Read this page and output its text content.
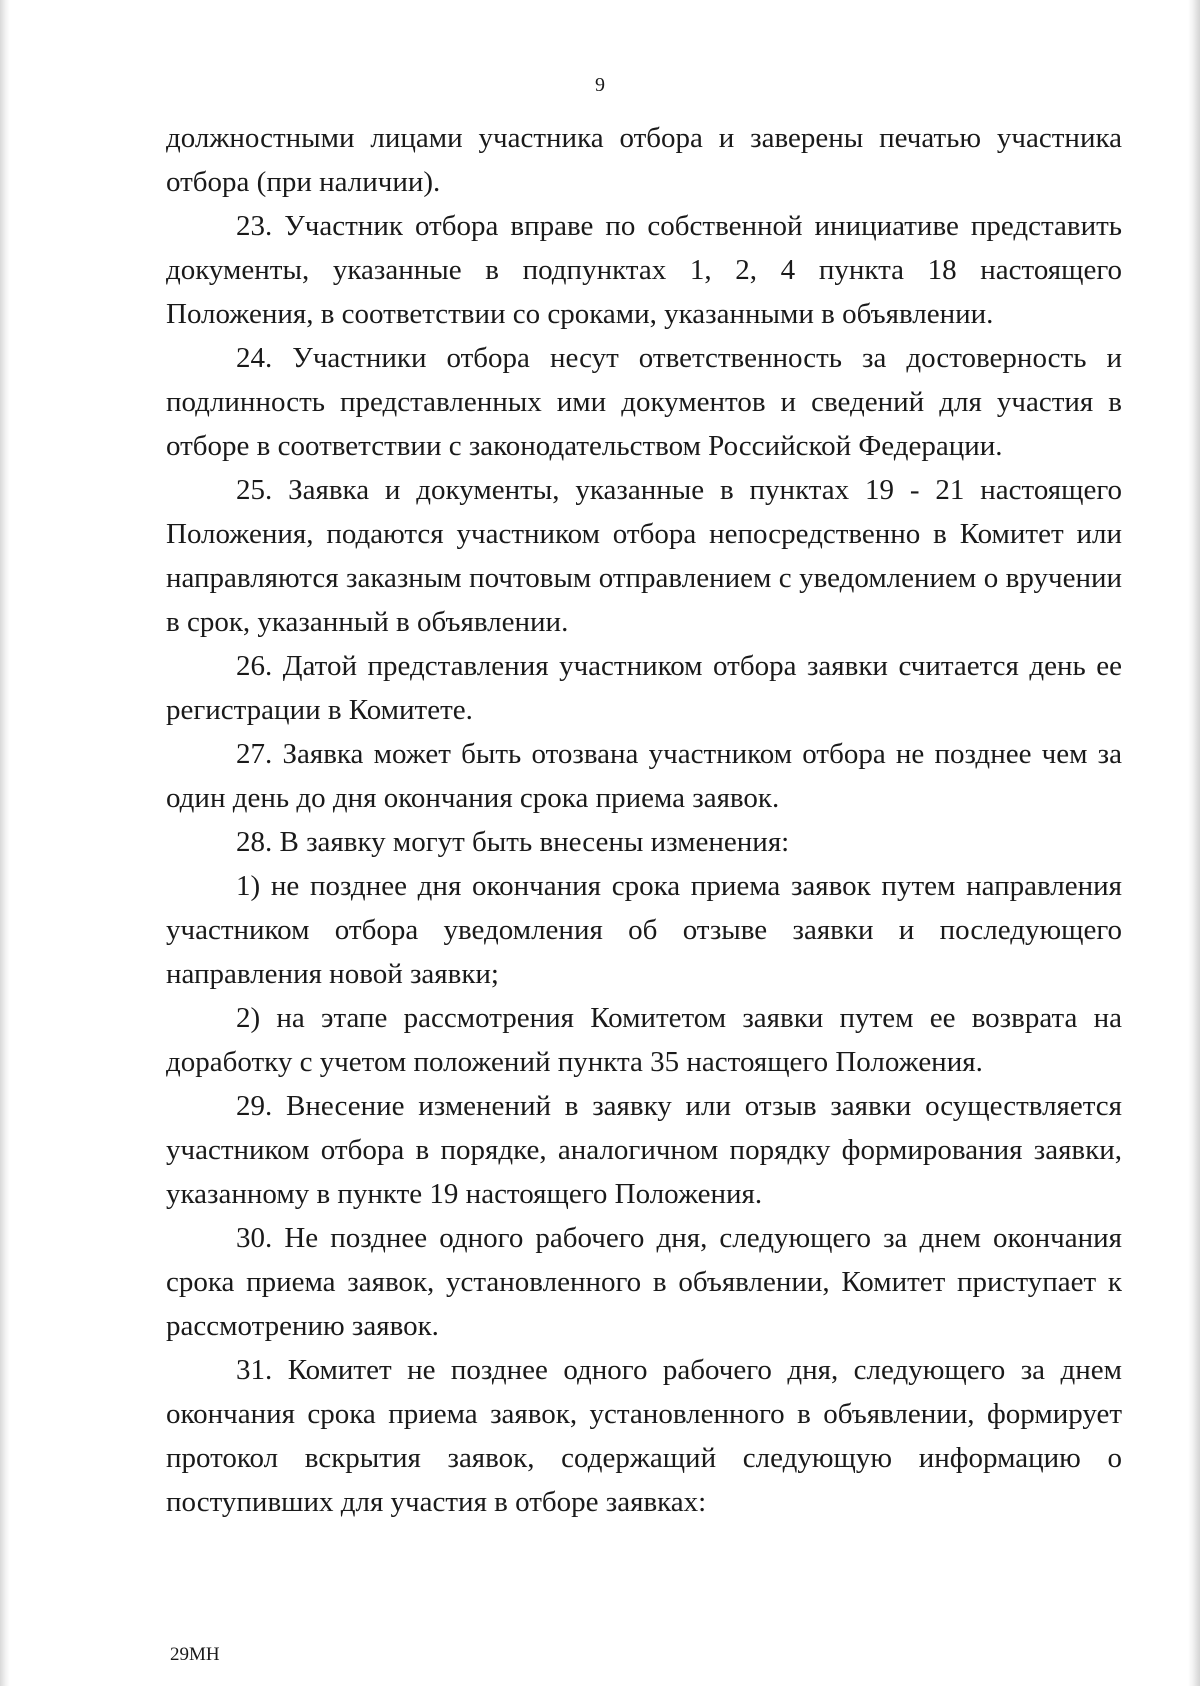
9

должностными лицами участника отбора и заверены печатью участника отбора (при наличии).

23. Участник отбора вправе по собственной инициативе представить документы, указанные в подпунктах 1, 2, 4 пункта 18 настоящего Положения, в соответствии со сроками, указанными в объявлении.

24. Участники отбора несут ответственность за достоверность и подлинность представленных ими документов и сведений для участия в отборе в соответствии с законодательством Российской Федерации.

25. Заявка и документы, указанные в пунктах 19 - 21 настоящего Положения, подаются участником отбора непосредственно в Комитет или направляются заказным почтовым отправлением с уведомлением о вручении в срок, указанный в объявлении.

26. Датой представления участником отбора заявки считается день ее регистрации в Комитете.

27. Заявка может быть отозвана участником отбора не позднее чем за один день до дня окончания срока приема заявок.

28. В заявку могут быть внесены изменения:

1) не позднее дня окончания срока приема заявок путем направления участником отбора уведомления об отзыве заявки и последующего направления новой заявки;

2) на этапе рассмотрения Комитетом заявки путем ее возврата на доработку с учетом положений пункта 35 настоящего Положения.

29. Внесение изменений в заявку или отзыв заявки осуществляется участником отбора в порядке, аналогичном порядку формирования заявки, указанному в пункте 19 настоящего Положения.

30. Не позднее одного рабочего дня, следующего за днем окончания срока приема заявок, установленного в объявлении, Комитет приступает к рассмотрению заявок.

31. Комитет не позднее одного рабочего дня, следующего за днем окончания срока приема заявок, установленного в объявлении, формирует протокол вскрытия заявок, содержащий следующую информацию о поступивших для участия в отборе заявках:

29МН
